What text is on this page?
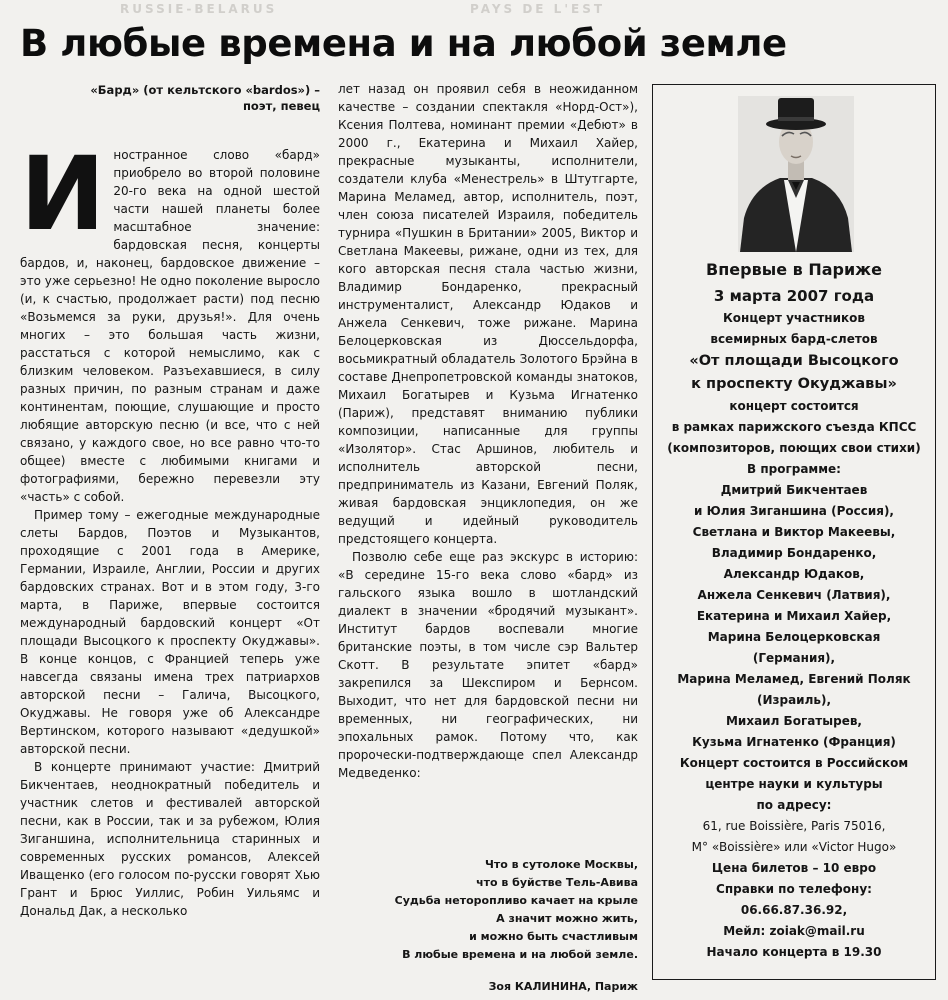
RUSSIE-BELARUS	PAYS DE L'EST
В любые времена и на любой земле
«Бард» (от кельтского «bardos») – поэт, певец

Иностранное слово «бард» приобрело во второй половине 20-го века на одной шестой части нашей планеты более масштабное значение: бардовская песня, концерты бардов, и, наконец, бардовское движение – это уже серьезно! Не одно поколение выросло (и, к счастью, продолжает расти) под песню «Возьмемся за руки, друзья!». Для очень многих – это большая часть жизни, расстаться с которой немыслимо, как с близким человеком. Разъехавшиеся, в силу разных причин, по разным странам и даже континентам, поющие, слушающие и просто любящие авторскую песню (и все, что с ней связано, у каждого свое, но все равно что-то общее) вместе с любимыми книгами и фотографиями, бережно перевезли эту «часть» с собой.

Пример тому – ежегодные международные слеты Бардов, Поэтов и Музыкантов, проходящие с 2001 года в Америке, Германии, Израиле, Англии, России и других бардовских странах. Вот и в этом году, 3-го марта, в Париже, впервые состоится международный бардовский концерт «От площади Высоцкого к проспекту Окуджавы». В конце концов, с Францией теперь уже навсегда связаны имена трех патриархов авторской песни – Галича, Высоцкого, Окуджавы. Не говоря уже об Александре Вертинском, которого называют «дедушкой» авторской песни.

В концерте принимают участие: Дмитрий Бикчентаев, неоднократный победитель и участник слетов и фестивалей авторской песни, как в России, так и за рубежом, Юлия Зиганшина, исполнительница старинных и современных русских романсов, Алексей Иващенко (его голосом по-русски говорят Хью Грант и Брюс Уиллис, Робин Уильямс и Дональд Дак, а несколько

лет назад он проявил себя в неожиданном качестве – создании спектакля «Норд-Ост»), Ксения Полтева, номинант премии «Дебют» в 2000 г., Екатерина и Михаил Хайер, прекрасные музыканты, исполнители, создатели клуба «Менестрель» в Штутгарте, Марина Меламед, автор, исполнитель, поэт, член союза писателей Израиля, победитель турнира «Пушкин в Британии» 2005, Виктор и Светлана Макеевы, рижане, одни из тех, для кого авторская песня стала частью жизни, Владимир Бондаренко, прекрасный инструменталист, Александр Юдаков и Анжела Сенкевич, тоже рижане. Марина Белоцерковская из Дюссельдорфа, восьмикратный обладатель Золотого Брэйна в составе Днепропетровской команды знатоков, Михаил Богатырев и Кузьма Игнатенко (Париж), представят вниманию публики композиции, написанные для группы «Изолятор». Стас Аршинов, любитель и исполнитель авторской песни, предприниматель из Казани, Евгений Поляк, живая бардовская энциклопедия, он же ведущий и идейный руководитель предстоящего концерта.

Позволю себе еще раз экскурс в историю: «В середине 15-го века слово «бард» из гальского языка вошло в шотландский диалект в значении «бродячий музыкант». Институт бардов воспевали многие британские поэты, в том числе сэр Вальтер Скотт. В результате эпитет «бард» закрепился за Шекспиром и Бернсом. Выходит, что нет для бардовской песни ни временных, ни географических, ни эпохальных рамок. Потому что, как пророчески-подтверждающе спел Александр Медведенко:

Что в сутолоке Москвы,
что в буйстве Тель-Авива
Судьба неторопливо качает на крыле
А значит можно жить,
и можно быть счастливым
В любые времена и на любой земле.
Зоя КАЛИНИНА, Париж
Впервые в Париже
3 марта 2007 года
Концерт участников
всемирных бард-слетов
«От площади Высоцкого
к проспекту Окуджавы»
концерт состоится
в рамках парижского съезда КПСС
(композиторов, поющих свои стихи)
В программе:
Дмитрий Бикчентаев
и Юлия Зиганшина (Россия),
Светлана и Виктор Макеевы,
Владимир Бондаренко,
Александр Юдаков,
Анжела Сенкевич (Латвия),
Екатерина и Михаил Хайер,
Марина Белоцерковская
(Германия),
Марина Меламед, Евгений Поляк
(Израиль),
Михаил Богатырев,
Кузьма Игнатенко (Франция)
Концерт состоится в Российском
центре науки и культуры
по адресу:
61, rue Boissière, Paris 75016,
M° «Boissière» или «Victor Hugo»
Цена билетов – 10 евро
Справки по телефону:
06.66.87.36.92,
Мейл: zoiak@mail.ru
Начало концерта в 19.30
